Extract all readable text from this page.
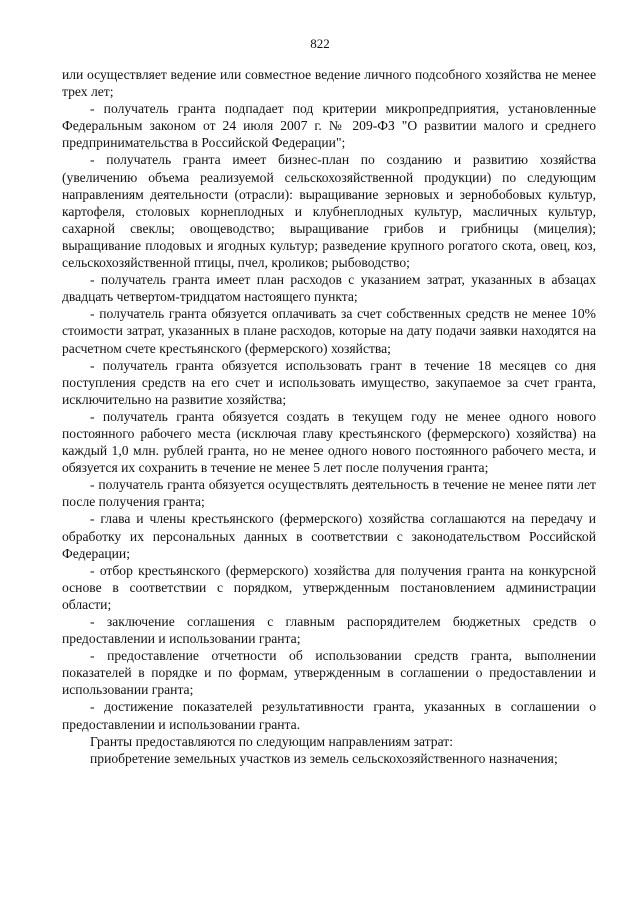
822

или осуществляет ведение или совместное ведение личного подсобного хозяйства не менее трех лет;

- получатель гранта подпадает под критерии микропредприятия, установленные Федеральным законом от 24 июля 2007 г. № 209-ФЗ "О развитии малого и среднего предпринимательства в Российской Федерации";

- получатель гранта имеет бизнес-план по созданию и развитию хозяйства (увеличению объема реализуемой сельскохозяйственной продукции) по следующим направлениям деятельности (отрасли): выращивание зерновых и зернобобовых культур, картофеля, столовых корнеплодных и клубнеплодных культур, масличных культур, сахарной свеклы; овощеводство; выращивание грибов и грибницы (мицелия); выращивание плодовых и ягодных культур; разведение крупного рогатого скота, овец, коз, сельскохозяйственной птицы, пчел, кроликов; рыбоводство;

- получатель гранта имеет план расходов с указанием затрат, указанных в абзацах двадцать четвертом-тридцатом настоящего пункта;

- получатель гранта обязуется оплачивать за счет собственных средств не менее 10% стоимости затрат, указанных в плане расходов, которые на дату подачи заявки находятся на расчетном счете крестьянского (фермерского) хозяйства;

- получатель гранта обязуется использовать грант в течение 18 месяцев со дня поступления средств на его счет и использовать имущество, закупаемое за счет гранта, исключительно на развитие хозяйства;

- получатель гранта обязуется создать в текущем году не менее одного нового постоянного рабочего места (исключая главу крестьянского (фермерского) хозяйства) на каждый 1,0 млн. рублей гранта, но не менее одного нового постоянного рабочего места, и обязуется их сохранить в течение не менее 5 лет после получения гранта;

- получатель гранта обязуется осуществлять деятельность в течение не менее пяти лет после получения гранта;

- глава и члены крестьянского (фермерского) хозяйства соглашаются на передачу и обработку их персональных данных в соответствии с законодательством Российской Федерации;

- отбор крестьянского (фермерского) хозяйства для получения гранта на конкурсной основе в соответствии с порядком, утвержденным постановлением администрации области;

- заключение соглашения с главным распорядителем бюджетных средств о предоставлении и использовании гранта;

- предоставление отчетности об использовании средств гранта, выполнении показателей в порядке и по формам, утвержденным в соглашении о предоставлении и использовании гранта;

- достижение показателей результативности гранта, указанных в соглашении о предоставлении и использовании гранта.

Гранты предоставляются по следующим направлениям затрат:

приобретение земельных участков из земель сельскохозяйственного назначения;
